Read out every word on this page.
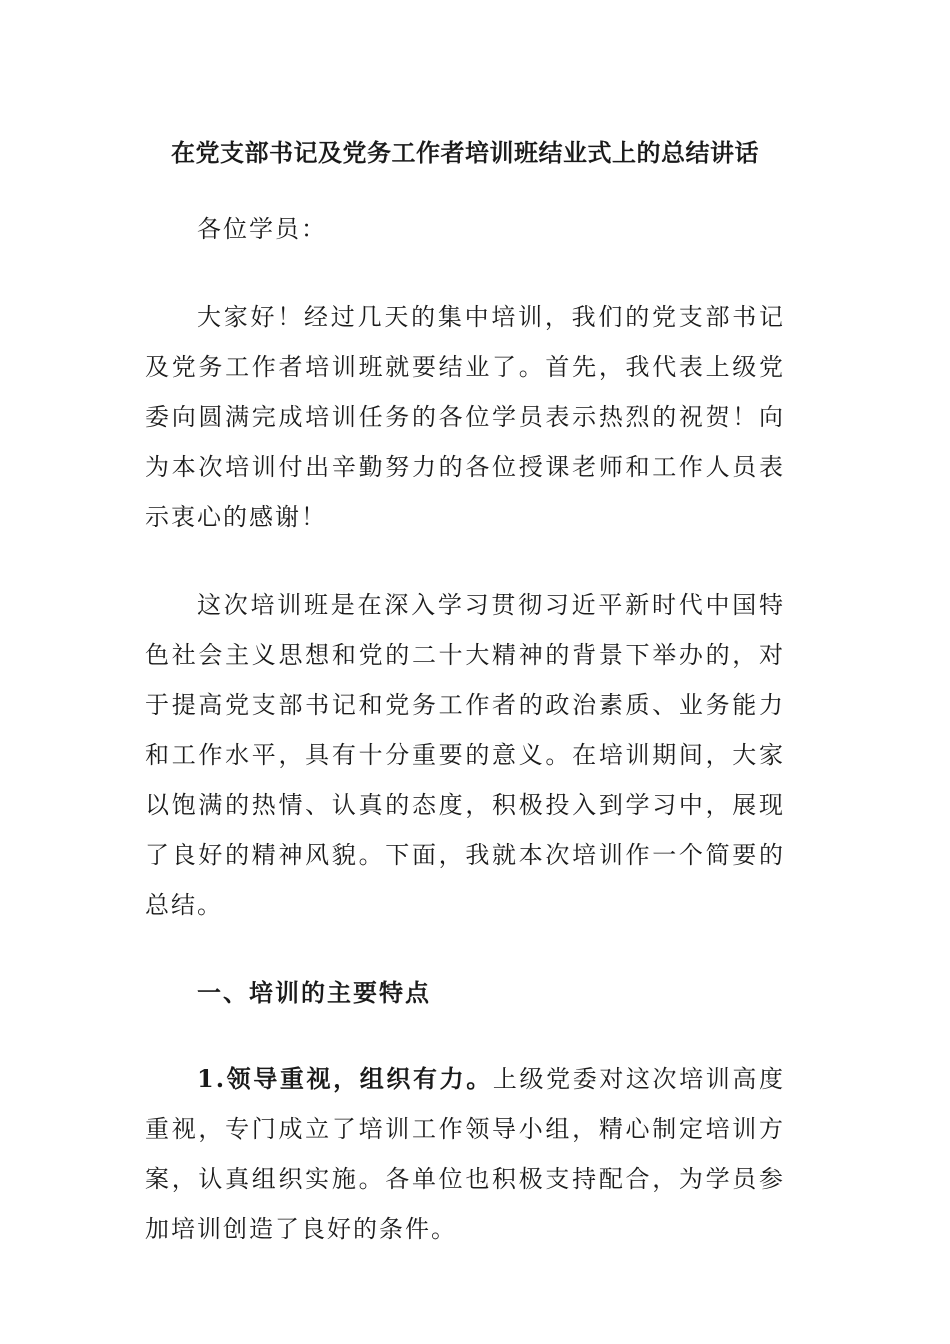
在党支部书记及党务工作者培训班结业式上的总结讲话
各位学员：
大家好！经过几天的集中培训，我们的党支部书记及党务工作者培训班就要结业了。首先，我代表上级党委向圆满完成培训任务的各位学员表示热烈的祝贺！向为本次培训付出辛勤努力的各位授课老师和工作人员表示衷心的感谢！
这次培训班是在深入学习贯彻习近平新时代中国特色社会主义思想和党的二十大精神的背景下举办的，对于提高党支部书记和党务工作者的政治素质、业务能力和工作水平，具有十分重要的意义。在培训期间，大家以饱满的热情、认真的态度，积极投入到学习中，展现了良好的精神风貌。下面，我就本次培训作一个简要的总结。
一、培训的主要特点
1.领导重视，组织有力。上级党委对这次培训高度重视，专门成立了培训工作领导小组，精心制定培训方案，认真组织实施。各单位也积极支持配合，为学员参加培训创造了良好的条件。
